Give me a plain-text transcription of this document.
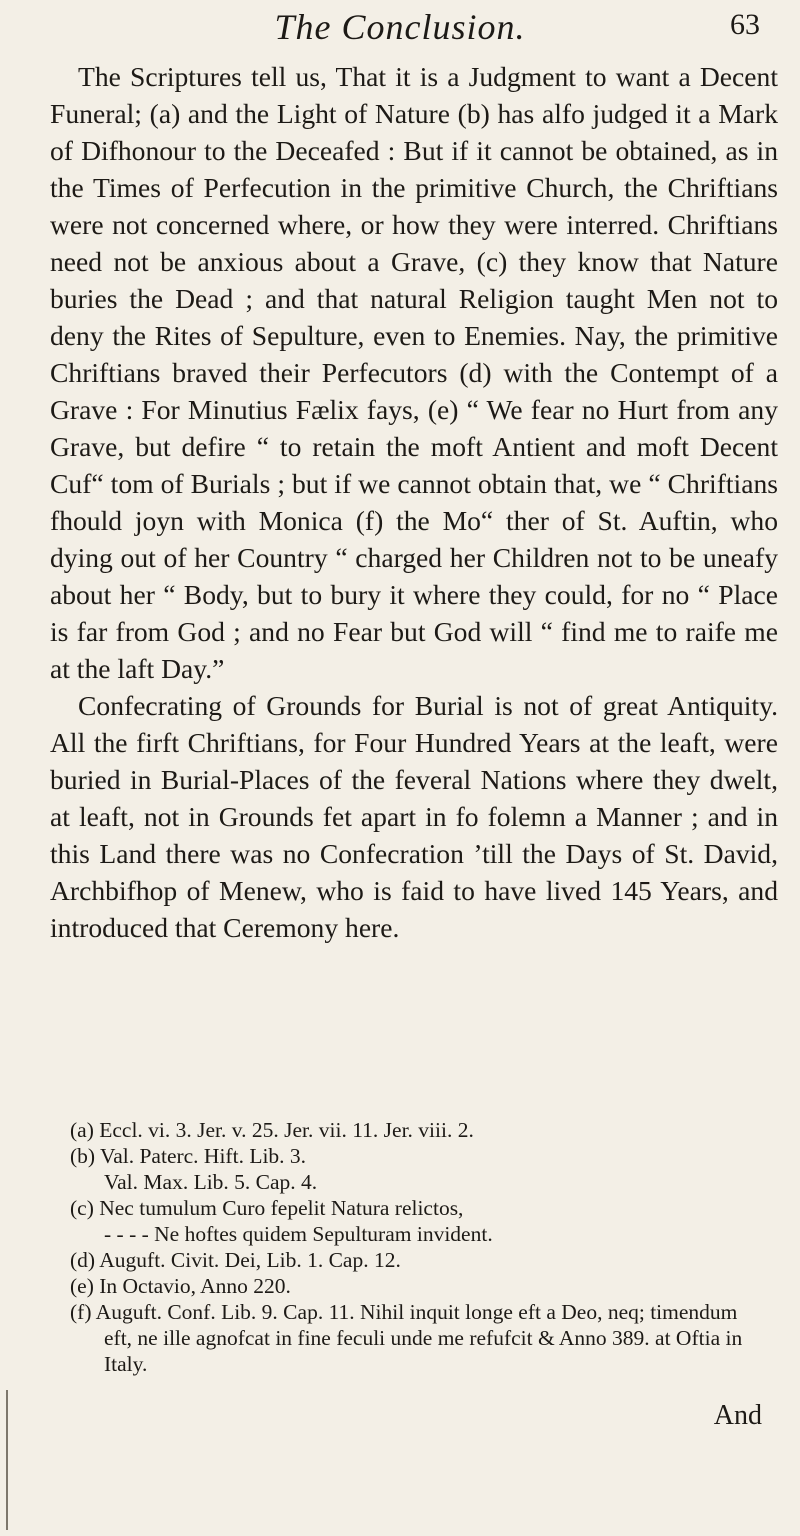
The Conclusion.	63

The Scriptures tell us, That it is a Judgment to want a Decent Funeral; (a) and the Light of Nature (b) has alfo judged it a Mark of Difhonour to the Deceafed : But if it cannot be obtained, as in the Times of Perfecution in the primitive Church, the Chriftians were not concerned where, or how they were interred. Chriftians need not be anxious about a Grave, (c) they know that Nature buries the Dead ; and that natural Religion taught Men not to deny the Rites of Sepulture, even to Enemies. Nay, the primitive Chriftians braved their Perfecutors (d) with the Contempt of a Grave : For Minutius Fælix fays, (e) “ We fear no Hurt from any Grave, but defire “ to retain the moft Antient and moft Decent Cuf“ tom of Burials ; but if we cannot obtain that, we “ Chriftians fhould joyn with Monica (f) the Mo“ ther of St. Auftin, who dying out of her Country “ charged her Children not to be uneafy about her “ Body, but to bury it where they could, for no “ Place is far from God ; and no Fear but God will “ find me to raife me at the laft Day.”

Confecrating of Grounds for Burial is not of great Antiquity. All the firft Chriftians, for Four Hundred Years at the leaft, were buried in Burial-Places of the feveral Nations where they dwelt, at leaft, not in Grounds fet apart in fo folemn a Manner ; and in this Land there was no Confecration ’till the Days of St. David, Archbifhop of Menew, who is faid to have lived 145 Years, and introduced that Ceremony here.

(a) Eccl. vi. 3. Jer. v. 25. Jer. vii. 11. Jer. viii. 2.

(b) Val. Paterc. Hift. Lib. 3.

Val. Max. Lib. 5. Cap. 4.

(c) Nec tumulum Curo fepelit Natura relictos,

- - - - Ne hoftes quidem Sepulturam invident.

(d) Auguft. Civit. Dei, Lib. 1. Cap. 12.

(e) In Octavio, Anno 220.

(f) Auguft. Conf. Lib. 9. Cap. 11. Nihil inquit longe eft a Deo, neq; timendum eft, ne ille agnofcat in fine feculi unde me refufcit & Anno 389. at Oftia in Italy.

And
